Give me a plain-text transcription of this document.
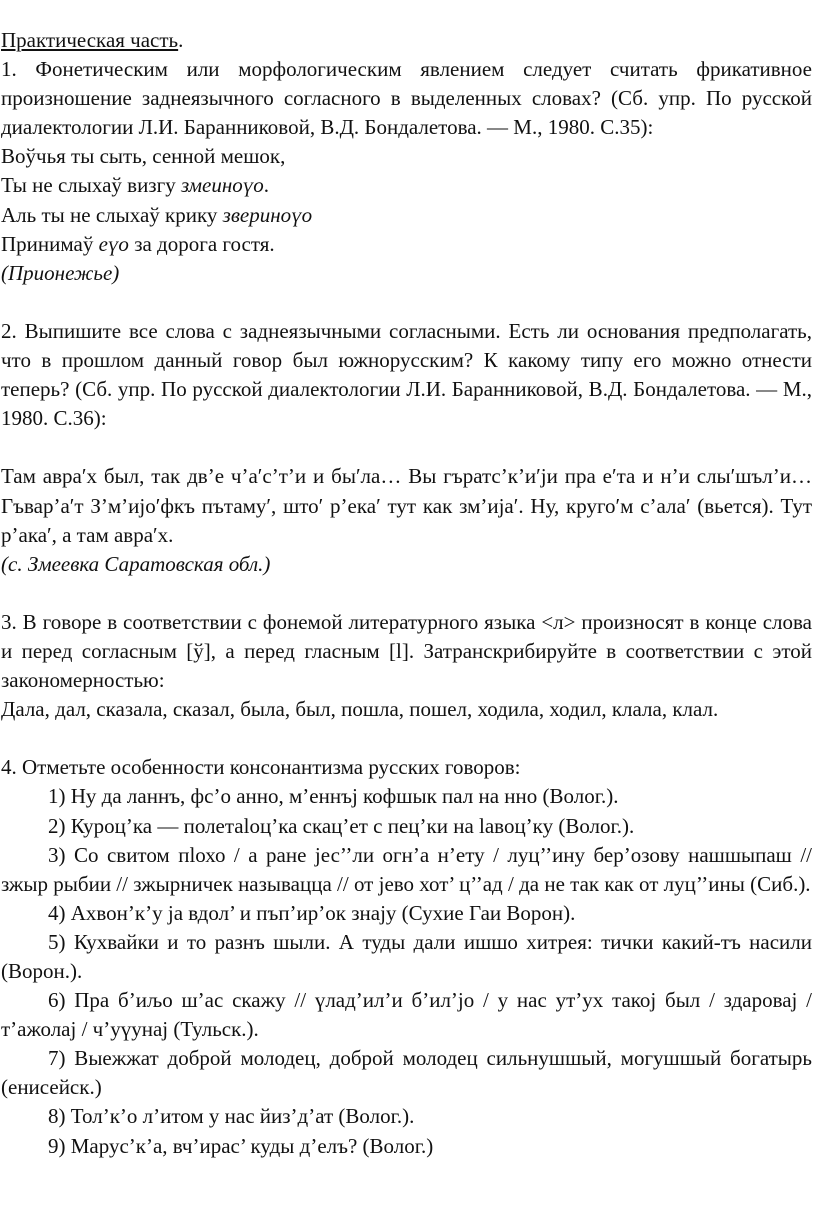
Практическая часть.

1. Фонетическим или морфологическим явлением следует считать фрикативное произношение заднеязычного согласного в выделенных словах? (Сб. упр. По русской диалектологии Л.И. Баранниковой, В.Д. Бондалетова. — М., 1980. С.35):

Воўчья ты сыть, сенной мешок,

Ты не слыхаў визгу змеиноүо.

Аль ты не слыхаў крику звериноүо

Принимаў еүо за дорога гостя.

(Прионежье)

2. Выпишите все слова с заднеязычными согласными. Есть ли основания предполагать, что в прошлом данный говор был южнорусским? К какому типу его можно отнести теперь? (Сб. упр. По русской диалектологии Л.И. Баранниковой, В.Д. Бондалетова. — М., 1980. С.36):

Там авра′х был, так дв’е ч’а′с’т’и и бы′ла… Вы гъратс’к’и′ји пра е′та и н’и слы′шъл’и… Гъвар’а′т З’м’ијо′фкъ пътаму′, што′ р’ека′ тут как зм’ија′. Ну, круго′м с’ала′ (вьется). Тут р’ака′, а там авра′х.

(с. Змеевка Саратовская обл.)

3. В говоре в соответствии с фонемой литературного языка <л> произносят в конце слова и перед согласным [ў], а перед гласным [l]. Затранскрибируйте в соответствии с этой закономерностью:

Дала, дал, сказала, сказал, была, был, пошла, пошел, ходила, ходил, клала, клал.

4. Отметьте особенности консонантизма русских говоров:

1) Ну да ланнъ, фс’о анно, м’еннъј кофшык пал на нно (Волог.).

2) Куроц’ка — полетаlоц’ка скац’ет с пец’ки на lавоц’ку (Волог.).

3) Со свитом пlохо / а ране јес’’ли огн’а н’ету / луц’’ину бер’озову нашшыпаш // зжыр рыбии // зжырничек называцца // от јево хот’ ц’’ад / да не так как от луц’’ины (Сиб.).

4) Ахвон’к’у ја вдол’ и пъп’ир’ок знају (Сухие Гаи Ворон).

5) Кухвайки и то разнъ шыли. А туды дали ишшо хитрея: тички какий-тъ насили (Ворон.).

6) Пра б’иљо ш’ас скажу // үлад’ил’и б’ил’јо / у нас ут’ух такој был / здаровај / т’ажолај / ч’уүунај (Тульск.).

7) Выежжат доброй молодец, доброй молодец сильнушшый, могушшый богатырь (енисейск.)

8) Тол’к’о л’итом у нас йиз’д’ат (Волог.).

9) Марус’к’а, вч’ирас’ куды д’елъ? (Волог.)
